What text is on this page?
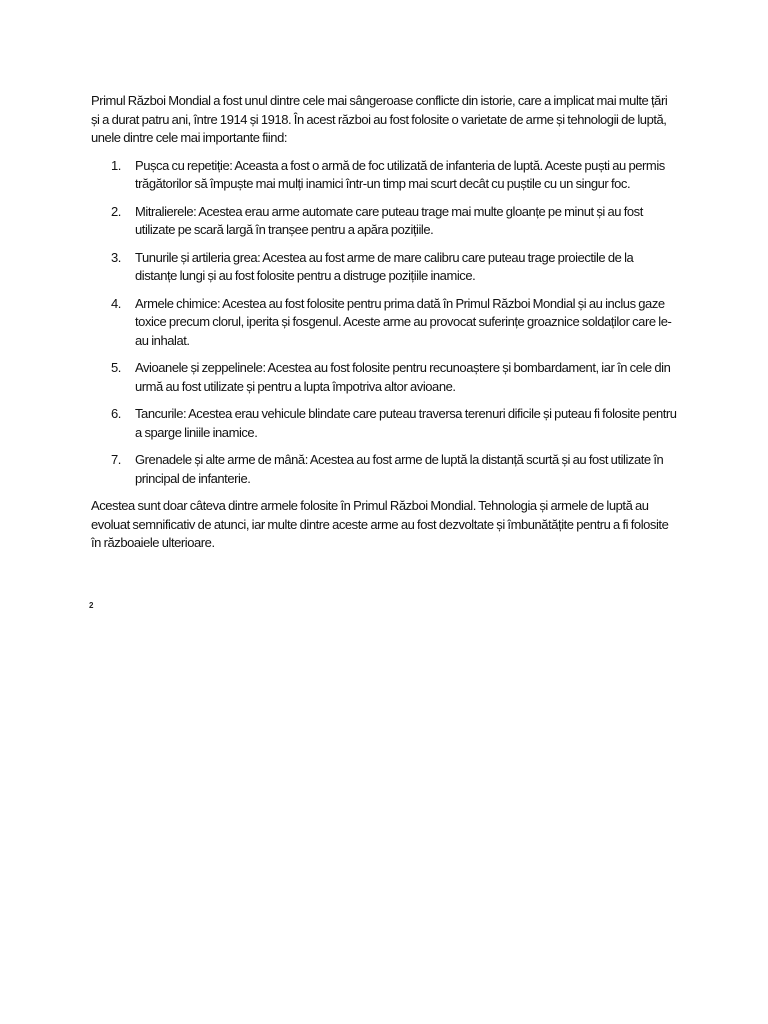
Primul Război Mondial a fost unul dintre cele mai sângeroase conflicte din istorie, care a implicat mai multe țări și a durat patru ani, între 1914 și 1918. În acest război au fost folosite o varietate de arme și tehnologii de luptă, unele dintre cele mai importante fiind:

1. Pușca cu repetiție: Aceasta a fost o armă de foc utilizată de infanteria de luptă. Aceste puști au permis trăgătorilor să împuște mai mulți inamici într-un timp mai scurt decât cu puștile cu un singur foc.
2. Mitralierele: Acestea erau arme automate care puteau trage mai multe gloanțe pe minut și au fost utilizate pe scară largă în tranșee pentru a apăra pozițiile.
3. Tunurile și artileria grea: Acestea au fost arme de mare calibru care puteau trage proiectile de la distanțe lungi și au fost folosite pentru a distruge pozițiile inamice.
4. Armele chimice: Acestea au fost folosite pentru prima dată în Primul Război Mondial și au inclus gaze toxice precum clorul, iperita și fosgenul. Aceste arme au provocat suferințe groaznice soldaților care le-au inhalat.
5. Avioanele și zeppelinele: Acestea au fost folosite pentru recunoaștere și bombardament, iar în cele din urmă au fost utilizate și pentru a lupta împotriva altor avioane.
6. Tancurile: Acestea erau vehicule blindate care puteau traversa terenuri dificile și puteau fi folosite pentru a sparge liniile inamice.
7. Grenadele și alte arme de mână: Acestea au fost arme de luptă la distanță scurtă și au fost utilizate în principal de infanterie.

Acestea sunt doar câteva dintre armele folosite în Primul Război Mondial. Tehnologia și armele de luptă au evoluat semnificativ de atunci, iar multe dintre aceste arme au fost dezvoltate și îmbunătățite pentru a fi folosite în războaiele ulterioare.

2
